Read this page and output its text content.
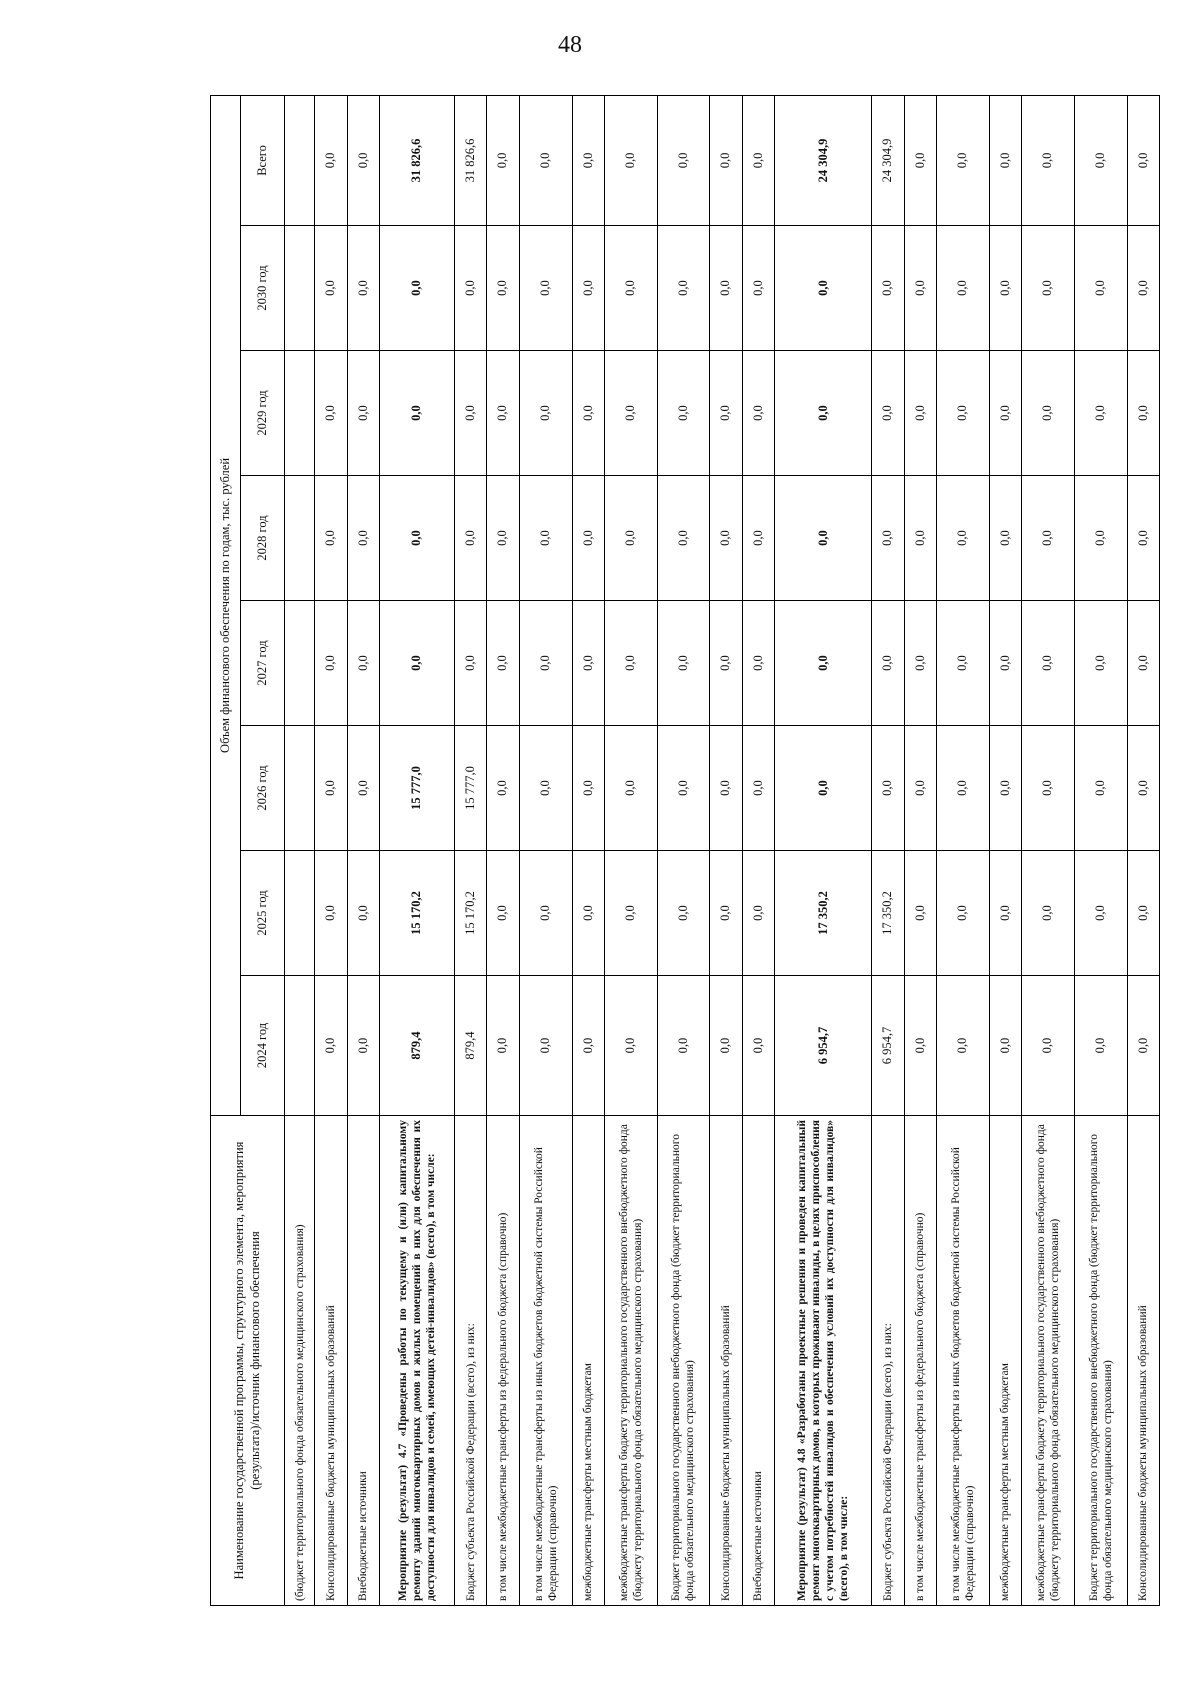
48
Наименование государственной программы, структурного элемента, мероприятия (результата)/источник финансового обеспечения	Объем финансового обеспечения по годам, тыс. рублей							
	2024 год	2025 год	2026 год	2027 год	2028 год	2029 год	2030 год	Всего
(бюджет территориального фонда обязательного медицинского страхования)								
Консолидированные бюджеты муниципальных образований	0,0	0,0	0,0	0,0	0,0	0,0	0,0	0,0
Внебюджетные источники	0,0	0,0	0,0	0,0	0,0	0,0	0,0	0,0
Мероприятие (результат) 4.7 «Проведены работы по текущему и (или) капитальному ремонту зданий многоквартирных домов и жилых помещений в них для обеспечения их доступности для инвалидов и семей, имеющих детей-инвалидов» (всего), в том числе:	879,4	15 170,2	15 777,0	0,0	0,0	0,0	0,0	31 826,6
Бюджет субъекта Российской Федерации (всего), из них:	879,4	15 170,2	15 777,0	0,0	0,0	0,0	0,0	31 826,6
в том числе межбюджетные трансферты из федерального бюджета (справочно)	0,0	0,0	0,0	0,0	0,0	0,0	0,0	0,0
в том числе межбюджетные трансферты из иных бюджетов бюджетной системы Российской Федерации (справочно)	0,0	0,0	0,0	0,0	0,0	0,0	0,0	0,0
межбюджетные трансферты местным бюджетам	0,0	0,0	0,0	0,0	0,0	0,0	0,0	0,0
межбюджетные трансферты бюджету территориального государственного внебюджетного фонда (бюджету территориального фонда обязательного медицинского страхования)	0,0	0,0	0,0	0,0	0,0	0,0	0,0	0,0
Бюджет территориального государственного внебюджетного фонда (бюджет территориального фонда обязательного медицинского страхования)	0,0	0,0	0,0	0,0	0,0	0,0	0,0	0,0
Консолидированные бюджеты муниципальных образований	0,0	0,0	0,0	0,0	0,0	0,0	0,0	0,0
Внебюджетные источники	0,0	0,0	0,0	0,0	0,0	0,0	0,0	0,0
Мероприятие (результат) 4.8 «Разработаны проектные решения и проведен капитальный ремонт многоквартирных домов, в которых проживают инвалиды, в целях приспособления с учетом потребностей инвалидов и обеспечения условий их доступности для инвалидов» (всего), в том числе:	6 954,7	17 350,2	0,0	0,0	0,0	0,0	0,0	24 304,9
Бюджет субъекта Российской Федерации (всего), из них:	6 954,7	17 350,2	0,0	0,0	0,0	0,0	0,0	24 304,9
в том числе межбюджетные трансферты из федерального бюджета (справочно)	0,0	0,0	0,0	0,0	0,0	0,0	0,0	0,0
в том числе межбюджетные трансферты из иных бюджетов бюджетной системы Российской Федерации (справочно)	0,0	0,0	0,0	0,0	0,0	0,0	0,0	0,0
межбюджетные трансферты местным бюджетам	0,0	0,0	0,0	0,0	0,0	0,0	0,0	0,0
межбюджетные трансферты бюджету территориального государственного внебюджетного фонда (бюджету территориального фонда обязательного медицинского страхования)	0,0	0,0	0,0	0,0	0,0	0,0	0,0	0,0
Бюджет территориального государственного внебюджетного фонда (бюджет территориального фонда обязательного медицинского страхования)	0,0	0,0	0,0	0,0	0,0	0,0	0,0	0,0
Консолидированные бюджеты муниципальных образований	0,0	0,0	0,0	0,0	0,0	0,0	0,0	0,0
